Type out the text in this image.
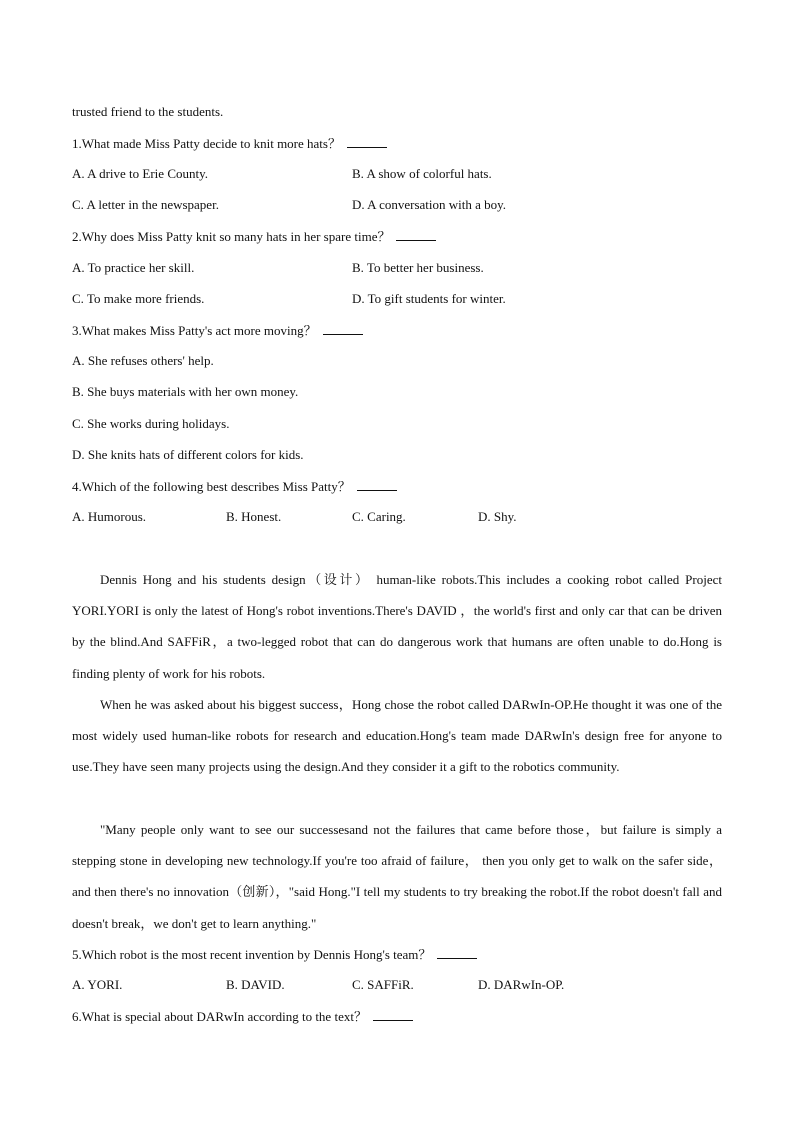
trusted friend to the students.
1.What made Miss Patty decide to knit more hats？
A. A drive to Erie County.	B. A show of colorful hats.
C. A letter in the newspaper.	D. A conversation with a boy.
2.Why does Miss Patty knit so many hats in her spare time？
A. To practice her skill.	B. To better her business.
C. To make more friends.	D. To gift students for winter.
3.What makes Miss Patty's act more moving？
A. She refuses others' help.
B. She buys materials with her own money.
C. She works during holidays.
D. She knits hats of different colors for kids.
4.Which of the following best describes Miss Patty？
A. Humorous.	B. Honest.	C. Caring.	D. Shy.

Dennis Hong and his students design（设计） human-like robots.This includes a cooking robot called Project YORI.YORI is only the latest of Hong's robot inventions.There's DAVID ，the world's first and only car that can be driven by the blind.And SAFFiR，a two-legged robot that can do dangerous work that humans are often unable to do.Hong is finding plenty of work for his robots.

When he was asked about his biggest success，Hong chose the robot called DARwIn-OP.He thought it was one of the most widely used human-like robots for research and education.Hong's team made DARwIn's design free for anyone to use.They have seen many projects using the design.And they consider it a gift to the robotics community.

"Many people only want to see our successesand not the failures that came before those，but failure is simply a stepping stone in developing new technology.If you're too afraid of failure， then you only get to walk on the safer side，and then there's no innovation（创新），"said Hong."I tell my students to try breaking the robot.If the robot doesn't fall and doesn't break，we don't get to learn anything."

5.Which robot is the most recent invention by Dennis Hong's team？
A. YORI.	B. DAVID.	C. SAFFiR.	D. DARwIn-OP.
6.What is special about DARwIn according to the text？
